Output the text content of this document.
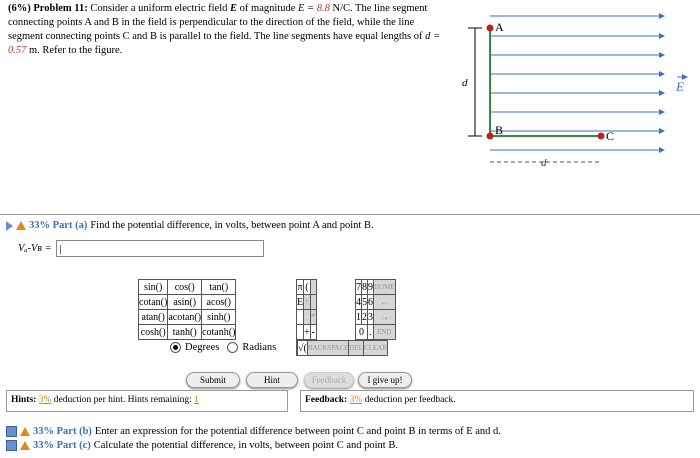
(6%) Problem 11: Consider a uniform electric field E of magnitude E = 8.8 N/C. The line segment connecting points A and B in the field is perpendicular to the direction of the field, while the line segment connecting points C and B is parallel to the field. The line segments have equal lengths of d = 0.57 m. Refer to the figure.
d
A
B	C
d
E
33% Part (a) Find the potential difference, in volts, between point A and point B.
Vₐ-Vʙ =
|
sin()	cos()	tan()
cotan()	asin()	acos()
atan()	acotan()	sinh()
cosh()	tanh()	cotanh()
Degrees Radians
π	(	
E	↑	
		*
	+	-
7	8	9	HOME
4	5	6	←
1	2	3	→
0		.	END
	√(	BACKSPACE	DEL	CLEAR
Submit	Hint	Feedback	I give up!
Hints: 3% deduction per hint. Hints remaining: 1	Feedback: 3% deduction per feedback.
33% Part (b) Enter an expression for the potential difference between point C and point B in terms of E and d.
33% Part (c) Calculate the potential difference, in volts, between point C and point B.
